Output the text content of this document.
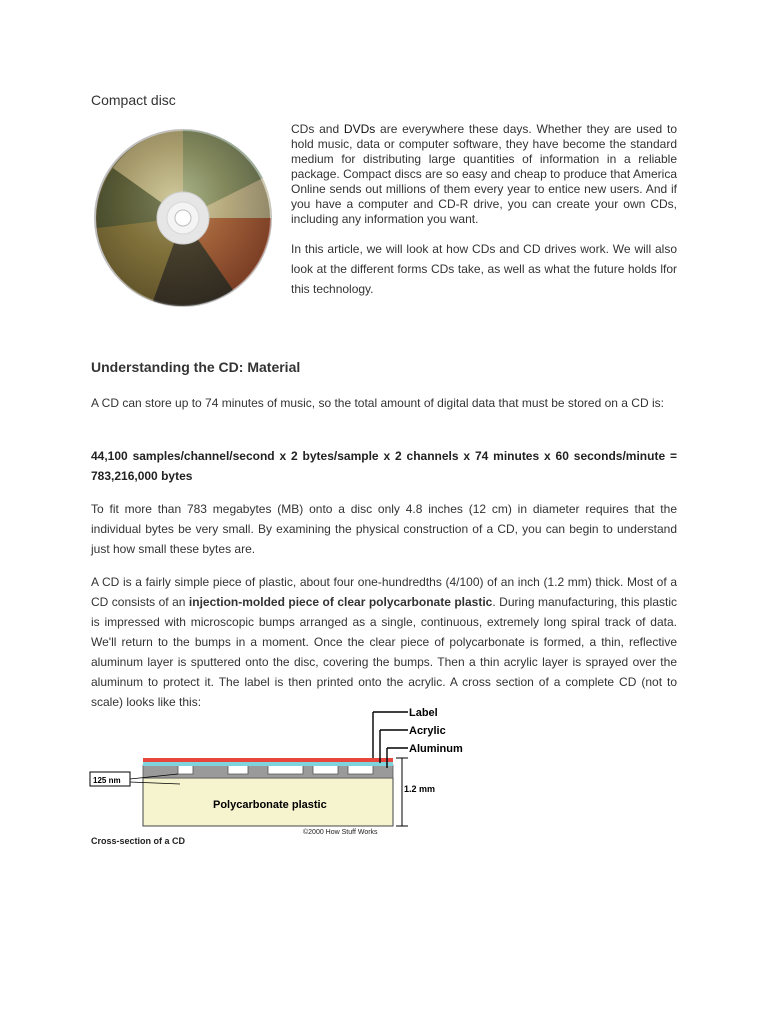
Compact disc

CDs and DVDs are everywhere these days. Whether they are used to hold music, data or computer software, they have become the standard medium for distributing large quantities of information in a reliable package. Compact discs are so easy and cheap to produce that America Online sends out millions of them every year to entice new users. And if you have a computer and CD-R drive, you can create your own CDs, including any information you want.

In this article, we will look at how CDs and CD drives work. We will also look at the different forms CDs take, as well as what the future holds lfor this technology.

Understanding the CD: Material

A CD can store up to 74 minutes of music, so the total amount of digital data that must be stored on a CD is:

44,100 samples/channel/second x 2 bytes/sample x 2 channels x 74 minutes x 60 seconds/minute = 783,216,000 bytes

To fit more than 783 megabytes (MB) onto a disc only 4.8 inches (12 cm) in diameter requires that the individual bytes be very small. By examining the physical construction of a CD, you can begin to understand just how small these bytes are.

A CD is a fairly simple piece of plastic, about four one-hundredths (4/100) of an inch (1.2 mm) thick. Most of a CD consists of an injection-molded piece of clear polycarbonate plastic. During manufacturing, this plastic is impressed with microscopic bumps arranged as a single, continuous, extremely long spiral track of data. We'll return to the bumps in a moment. Once the clear piece of polycarbonate is formed, a thin, reflective aluminum layer is sputtered onto the disc, covering the bumps. Then a thin acrylic layer is sprayed over the aluminum to protect it. The label is then printed onto the acrylic. A cross section of a complete CD (not to scale) looks like this:

Label
Acrylic
Aluminum
1.2 mm
125 nm
Polycarbonate plastic
©2000 How Stuff Works
Cross-section of a CD
